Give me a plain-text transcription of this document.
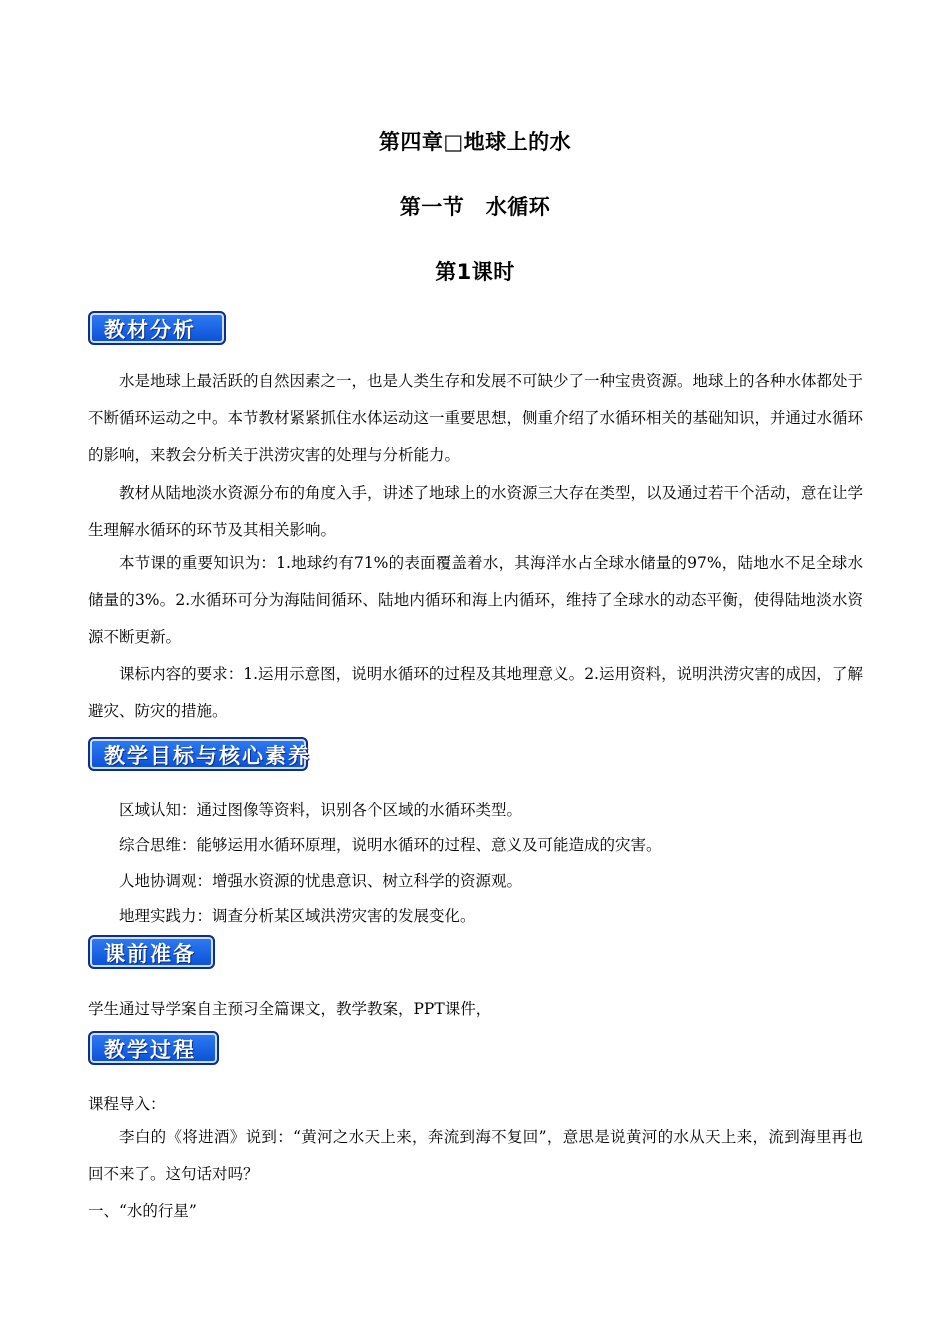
第四章□地球上的水
第一节　水循环
第1课时
教材分析
水是地球上最活跃的自然因素之一，也是人类生存和发展不可缺少了一种宝贵资源。地球上的各种水体都处于不断循环运动之中。本节教材紧紧抓住水体运动这一重要思想，侧重介绍了水循环相关的基础知识，并通过水循环的影响，来教会分析关于洪涝灾害的处理与分析能力。
教材从陆地淡水资源分布的角度入手，讲述了地球上的水资源三大存在类型，以及通过若干个活动，意在让学生理解水循环的环节及其相关影响。
本节课的重要知识为：1.地球约有71%的表面覆盖着水，其海洋水占全球水储量的97%，陆地水不足全球水储量的3%。2.水循环可分为海陆间循环、陆地内循环和海上内循环，维持了全球水的动态平衡，使得陆地淡水资源不断更新。
课标内容的要求：1.运用示意图，说明水循环的过程及其地理意义。2.运用资料，说明洪涝灾害的成因，了解避灾、防灾的措施。
教学目标与核心素养
区域认知：通过图像等资料，识别各个区域的水循环类型。
综合思维：能够运用水循环原理，说明水循环的过程、意义及可能造成的灾害。
人地协调观：增强水资源的忧患意识、树立科学的资源观。
地理实践力：调查分析某区域洪涝灾害的发展变化。
课前准备
学生通过导学案自主预习全篇课文，教学教案，PPT课件，
教学过程
课程导入：
李白的《将进酒》说到：“黄河之水天上来，奔流到海不复回”，意思是说黄河的水从天上来，流到海里再也回不来了。这句话对吗？
一、“水的行星”
